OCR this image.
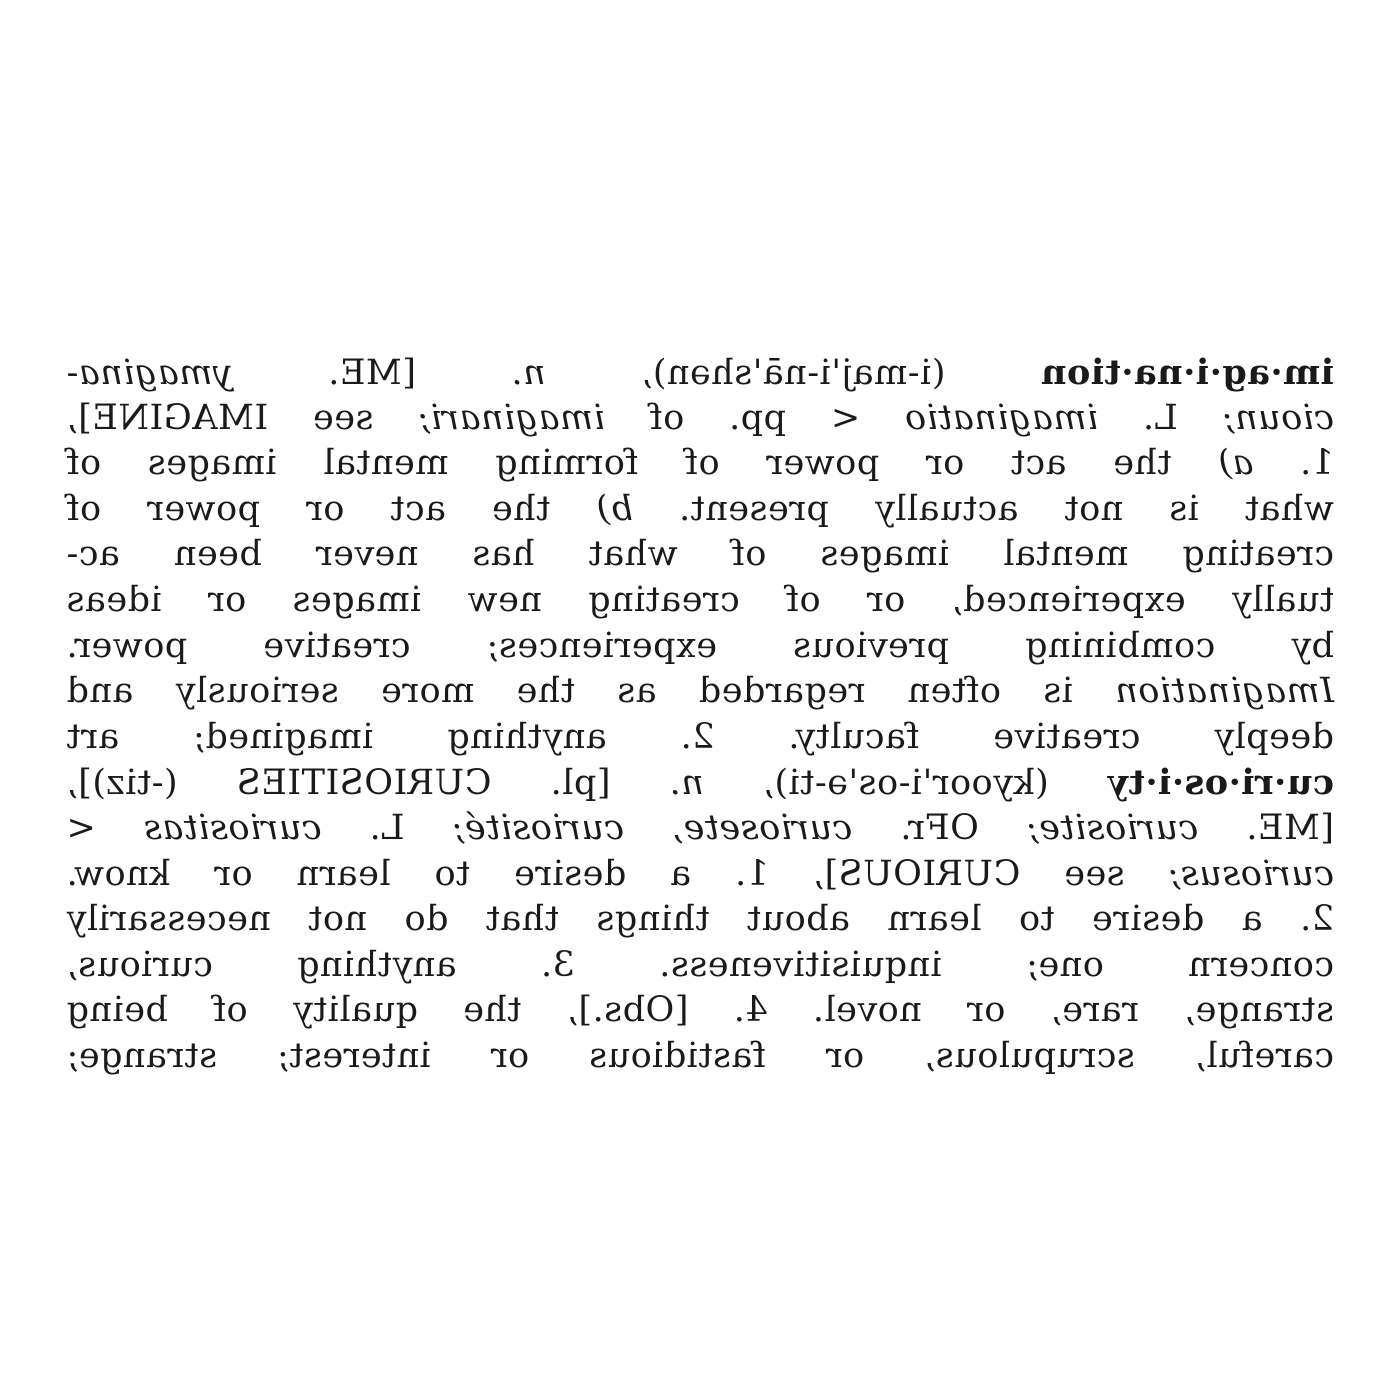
im·ag·i·na·tion
(i-maj'i-nā'shən),
n.
[ME.
ymagina-
cioun;
L.
imaginatio
<
pp.
of
imaginari;
see
IMAGINE],
1.
a)
the
act
or
power
of
forming
mental
images
of
what
is
not
actually
present.
b)
the
act
or
power
of
creating
mental
images
of
what
has
never
been
ac-
tually
experienced,
or
of
creating
new
images
or
ideas
by
combining
previous
experiences;
creative
power.
Imagination
is
often
regarded
as
the
more
seriously
and
deeply
creative
faculty.
2.
anything
imagined;
art
cu·ri·os·i·ty
(kyoor'i-os'ə-ti),
n.
[pl.
CURIOSITIES
(-tiz)],
[ME.
curiosite;
OFr.
curiosete,
curiosité;
L.
curiositas
<
curiosus;
see
CURIOUS],
1.
a
desire
to
learn
or
know.
2.
a
desire
to
learn
about
things
that
do
not
necessarily
concern
one;
inquisitiveness.
3.
anything
curious,
strange,
rare,
or
novel.
4.
[Obs.],
the
quality
of
being
careful,
scrupulous,
or
fastidious
or
interest;
strange;
